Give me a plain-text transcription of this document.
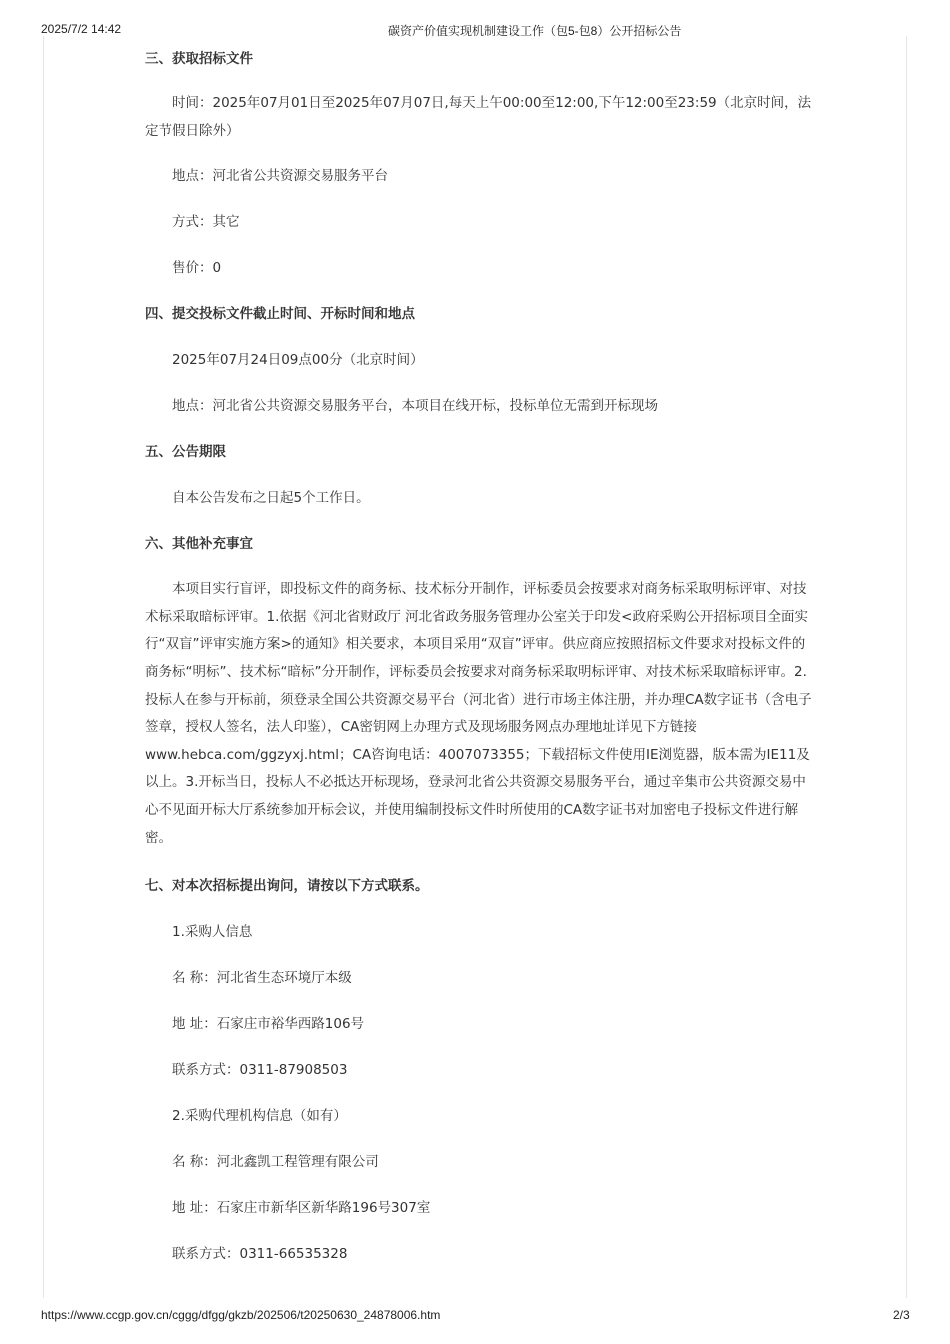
2025/7/2 14:42	碳资产价值实现机制建设工作（包5-包8）公开招标公告
三、获取招标文件
时间：2025年07月01日至2025年07月07日,每天上午00:00至12:00,下午12:00至23:59（北京时间，法定节假日除外）
地点：河北省公共资源交易服务平台
方式：其它
售价：0
四、提交投标文件截止时间、开标时间和地点
2025年07月24日09点00分（北京时间）
地点：河北省公共资源交易服务平台，本项目在线开标，投标单位无需到开标现场
五、公告期限
自本公告发布之日起5个工作日。
六、其他补充事宜
本项目实行盲评，即投标文件的商务标、技术标分开制作，评标委员会按要求对商务标采取明标评审、对技术标采取暗标评审。1.依据《河北省财政厅 河北省政务服务管理办公室关于印发<政府采购公开招标项目全面实行“双盲”评审实施方案>的通知》相关要求，本项目采用“双盲”评审。供应商应按照招标文件要求对投标文件的商务标“明标”、技术标“暗标”分开制作，评标委员会按要求对商务标采取明标评审、对技术标采取暗标评审。2.投标人在参与开标前，须登录全国公共资源交易平台（河北省）进行市场主体注册，并办理CA数字证书（含电子签章，授权人签名，法人印鉴），CA密钥网上办理方式及现场服务网点办理地址详见下方链接www.hebca.com/ggzyxj.html；CA咨询电话：4007073355；下载招标文件使用IE浏览器，版本需为IE11及以上。3.开标当日，投标人不必抵达开标现场，登录河北省公共资源交易服务平台，通过辛集市公共资源交易中心不见面开标大厅系统参加开标会议，并使用编制投标文件时所使用的CA数字证书对加密电子投标文件进行解密。
七、对本次招标提出询问，请按以下方式联系。
1.采购人信息
名 称：河北省生态环境厅本级
地 址：石家庄市裕华西路106号
联系方式：0311-87908503
2.采购代理机构信息（如有）
名 称：河北鑫凯工程管理有限公司
地 址：石家庄市新华区新华路196号307室
联系方式：0311-66535328
https://www.ccgp.gov.cn/cggg/dfgg/gkzb/202506/t20250630_24878006.htm	2/3
